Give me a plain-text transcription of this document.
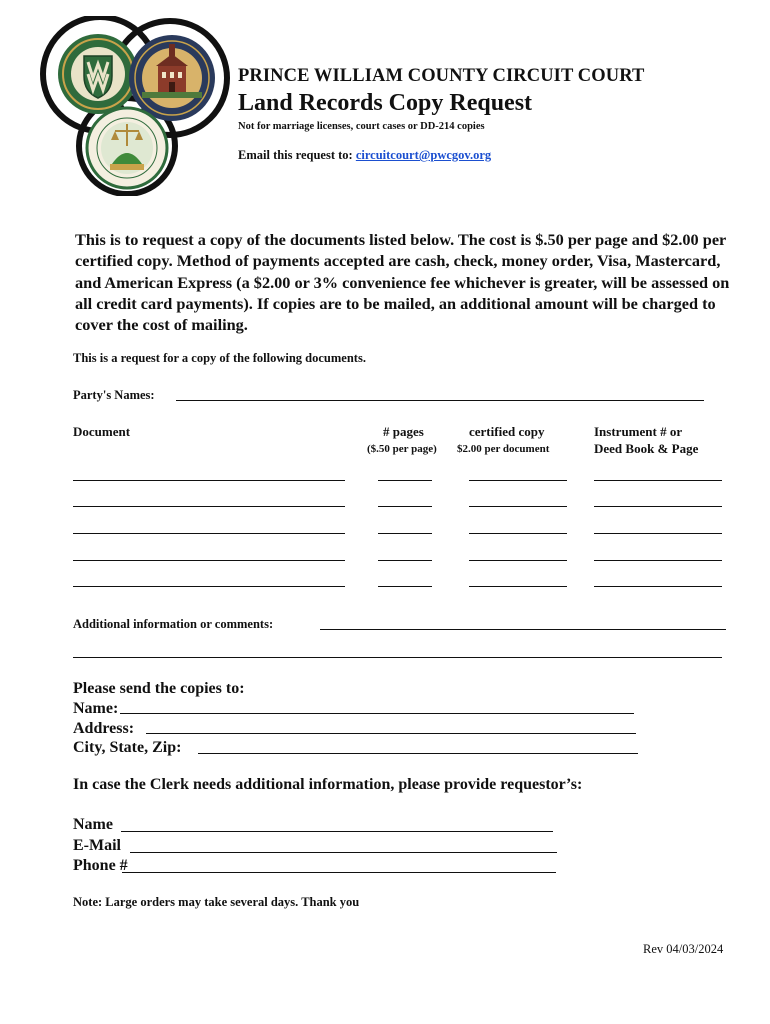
PRINCE WILLIAM COUNTY CIRCUIT COURT
Land Records Copy Request
Not for marriage licenses, court cases or DD-214 copies
Email this request to: circuitcourt@pwcgov.org
This is to request a copy of the documents listed below. The cost is $.50 per page and $2.00 per certified copy. Method of payments accepted are cash, check, money order, Visa, Mastercard, and American Express (a $2.00 or 3% convenience fee whichever is greater, will be assessed on all credit card payments). If copies are to be mailed, an additional amount will be charged to cover the cost of mailing.
This is a request for a copy of the following documents.
Party's Names:
Document	# pages
($.50 per page)
certified copy
$2.00 per document
Instrument # or
Deed Book & Page
Additional information or comments:
Please send the copies to:
Name:
Address:
City, State, Zip:
In case the Clerk needs additional information, please provide requestor’s:
Name
E-Mail
Phone #
Note: Large orders may take several days. Thank you
Rev 04/03/2024
